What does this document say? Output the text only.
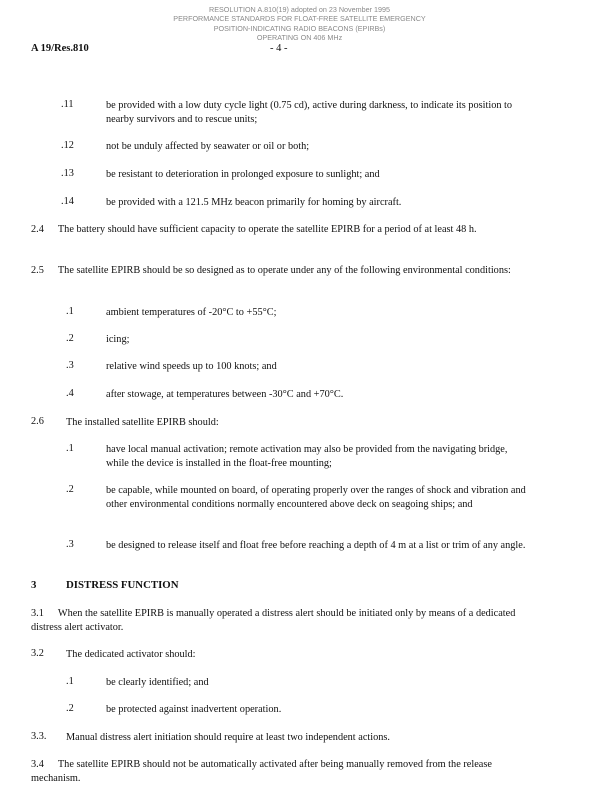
RESOLUTION A.810(19) adopted on 23 November 1995
PERFORMANCE STANDARDS FOR FLOAT-FREE SATELLITE EMERGENCY
POSITION-INDICATING RADIO BEACONS (EPIRBs)
OPERATING ON 406 MHz
A 19/Res.810	- 4 -
.11	be provided with a low duty cycle light (0.75 cd), active during darkness, to indicate its position to nearby survivors and to rescue units;
.12	not be unduly affected by seawater or oil or both;
.13	be resistant to deterioration in prolonged exposure to sunlight; and
.14	be provided with a 121.5 MHz beacon primarily for homing by aircraft.
2.4 The battery should have sufficient capacity to operate the satellite EPIRB for a period of at least 48 h.
2.5 The satellite EPIRB should be so designed as to operate under any of the following environmental conditions:
.1	ambient temperatures of -20°C to +55°C;
.2	icing;
.3	relative wind speeds up to 100 knots; and
.4	after stowage, at temperatures between -30°C and +70°C.
2.6 The installed satellite EPIRB should:
.1	have local manual activation; remote activation may also be provided from the navigating bridge, while the device is installed in the float-free mounting;
.2	be capable, while mounted on board, of operating properly over the ranges of shock and vibration and other environmental conditions normally encountered above deck on seagoing ships; and
.3	be designed to release itself and float free before reaching a depth of 4 m at a list or trim of any angle.
3	DISTRESS FUNCTION
3.1 When the satellite EPIRB is manually operated a distress alert should be initiated only by means of a dedicated distress alert activator.
3.2 The dedicated activator should:
.1	be clearly identified; and
.2	be protected against inadvertent operation.
3.3. Manual distress alert initiation should require at least two independent actions.
3.4 The satellite EPIRB should not be automatically activated after being manually removed from the release mechanism.
